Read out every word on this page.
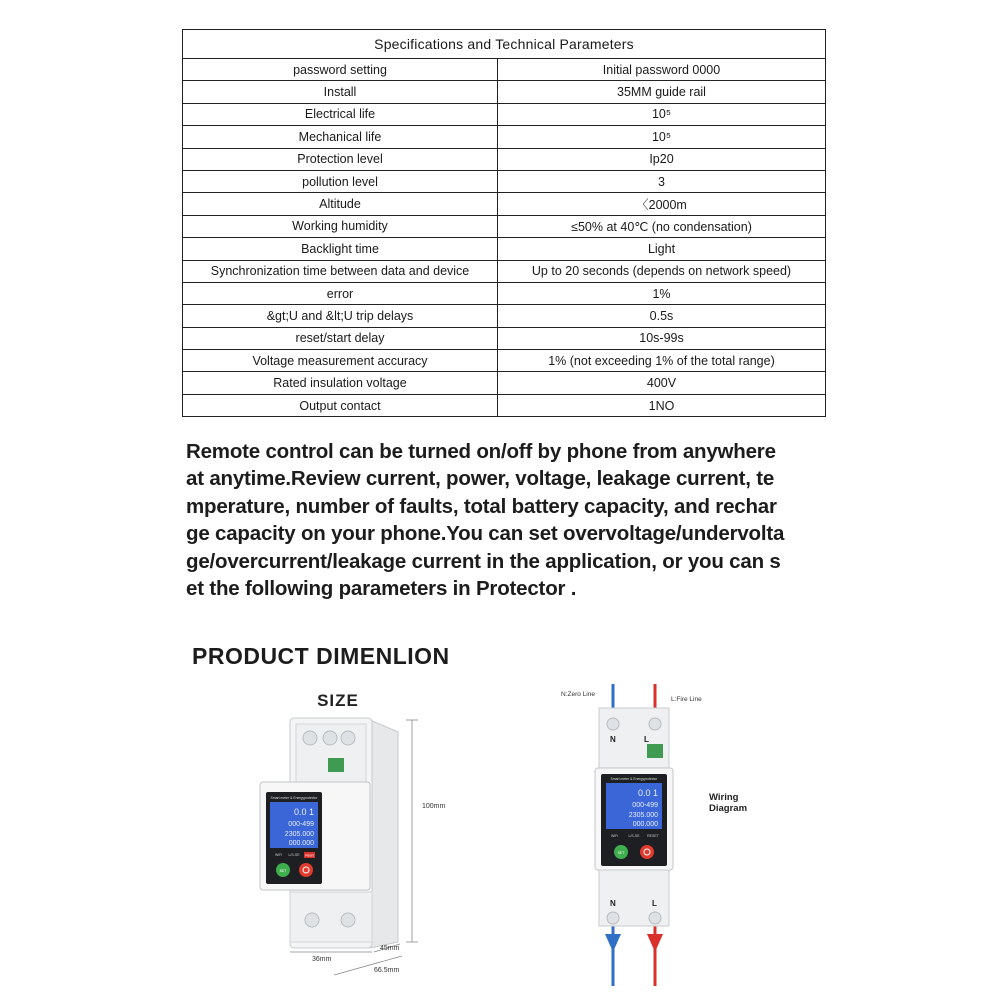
Specifications and Technical Parameters	
password setting	Initial password 0000
Install	35MM guide rail
Electrical life	10⁵
Mechanical life	10⁵
Protection level	Ip20
pollution level	3
Altitude	〈2000m
Working humidity	≤50% at 40℃ (no condensation)
Backlight time	Light
Synchronization time between data and device	Up to 20 seconds (depends on network speed)
error	1%
&gt;U and &lt;U trip delays	0.5s
reset/start delay	10s-99s
Voltage measurement accuracy	1% (not exceeding 1% of the total range)
Rated insulation voltage	400V
Output contact	1NO

Remote control can be turned on/off by phone from anywhere
at anytime.Review current, power, voltage, leakage current, te
mperature, number of faults, total battery capacity, and rechar
ge capacity on your phone.You can set overvoltage/undervolta
ge/overcurrent/leakage current in the application, or you can s
et the following parameters in Protector .

PRODUCT DIMENLION
SIZE
Smart meter & Energyprotector
0.0 1
000-499
2305.000
000.000
WiFi L/S-SE Reset
SET
100mm
36mm
45mm
66.5mm
N:Zero Line
L:Fire Line
N	L
Smart meter & Energyprotector
0.0 1
000-499
2305.000
000.000
WiFi	L/S-SE RESET
SET
N	L
Wiring
Diagram
